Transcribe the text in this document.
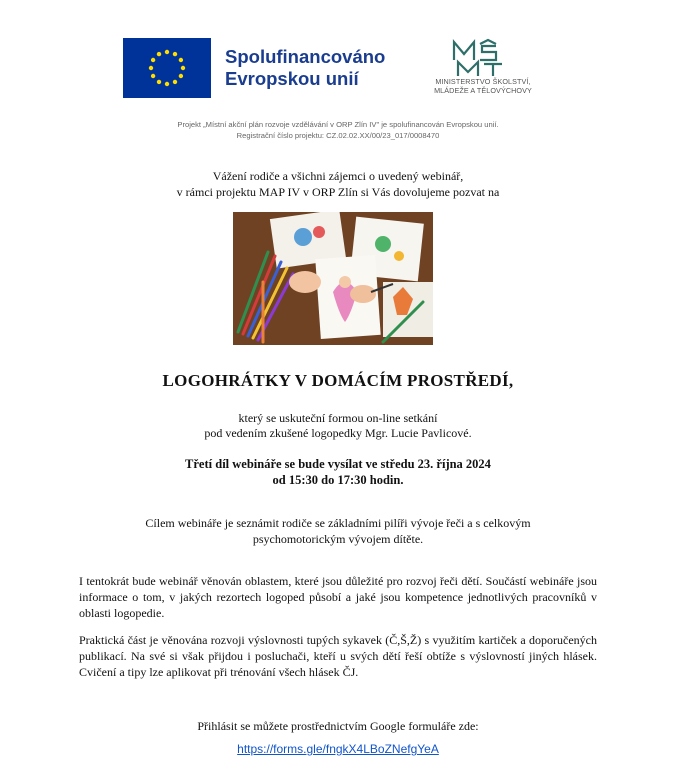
Spolufinancováno
Evropskou unií	MINISTERSTVO ŠKOLSTVÍ,
MLÁDEŽE A TĚLOVÝCHOVY
Projekt „Místní akční plán rozvoje vzdělávání v ORP Zlín IV" je spolufinancován Evropskou unií.
Registrační číslo projektu: CZ.02.02.XX/00/23_017/0008470
Vážení rodiče a všichni zájemci o uvedený webinář,
v rámci projektu MAP IV v ORP Zlín si Vás dovolujeme pozvat na
LOGOHRÁTKY V DOMÁCÍM PROSTŘEDÍ,
který se uskuteční formou on-line setkání
pod vedením zkušené logopedky Mgr. Lucie Pavlicové.
Třetí díl webináře se bude vysílat ve středu 23. října 2024
od 15:30 do 17:30 hodin.
Cílem webináře je seznámit rodiče se základními pilíři vývoje řeči a s celkovým
psychomotorickým vývojem dítěte.
I tentokrát bude webinář věnován oblastem, které jsou důležité pro rozvoj řeči dětí. Součástí webináře jsou informace o tom, v jakých rezortech logoped působí a jaké jsou kompetence jednotlivých pracovníků v oblasti logopedie.
Praktická část je věnována rozvoji výslovnosti tupých sykavek (Č,Š,Ž) s využitím kartiček a doporučených publikací. Na své si však přijdou i posluchači, kteří u svých dětí řeší obtíže s výslovností jiných hlásek. Cvičení a tipy lze aplikovat při trénování všech hlásek ČJ.
Přihlásit se můžete prostřednictvím Google formuláře zde:
https://forms.gle/fngkX4LBoZNefgYeA
